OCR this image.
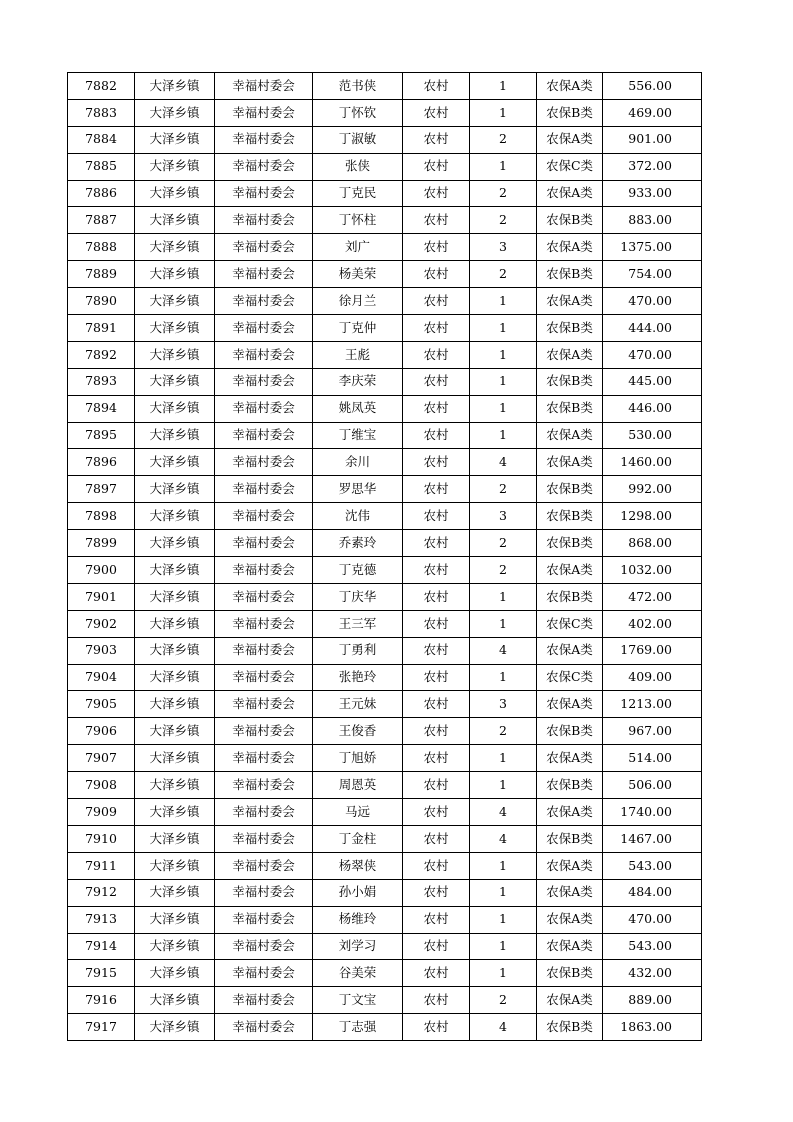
7882	大泽乡镇	幸福村委会	范书侠	农村	1	农保A类	556.00
7883	大泽乡镇	幸福村委会	丁怀钦	农村	1	农保B类	469.00
7884	大泽乡镇	幸福村委会	丁淑敏	农村	2	农保A类	901.00
7885	大泽乡镇	幸福村委会	张侠	农村	1	农保C类	372.00
7886	大泽乡镇	幸福村委会	丁克民	农村	2	农保A类	933.00
7887	大泽乡镇	幸福村委会	丁怀柱	农村	2	农保B类	883.00
7888	大泽乡镇	幸福村委会	刘广	农村	3	农保A类	1375.00
7889	大泽乡镇	幸福村委会	杨美荣	农村	2	农保B类	754.00
7890	大泽乡镇	幸福村委会	徐月兰	农村	1	农保A类	470.00
7891	大泽乡镇	幸福村委会	丁克仲	农村	1	农保B类	444.00
7892	大泽乡镇	幸福村委会	王彪	农村	1	农保A类	470.00
7893	大泽乡镇	幸福村委会	李庆荣	农村	1	农保B类	445.00
7894	大泽乡镇	幸福村委会	姚凤英	农村	1	农保B类	446.00
7895	大泽乡镇	幸福村委会	丁维宝	农村	1	农保A类	530.00
7896	大泽乡镇	幸福村委会	余川	农村	4	农保A类	1460.00
7897	大泽乡镇	幸福村委会	罗思华	农村	2	农保B类	992.00
7898	大泽乡镇	幸福村委会	沈伟	农村	3	农保B类	1298.00
7899	大泽乡镇	幸福村委会	乔素玲	农村	2	农保B类	868.00
7900	大泽乡镇	幸福村委会	丁克德	农村	2	农保A类	1032.00
7901	大泽乡镇	幸福村委会	丁庆华	农村	1	农保B类	472.00
7902	大泽乡镇	幸福村委会	王三军	农村	1	农保C类	402.00
7903	大泽乡镇	幸福村委会	丁勇利	农村	4	农保A类	1769.00
7904	大泽乡镇	幸福村委会	张艳玲	农村	1	农保C类	409.00
7905	大泽乡镇	幸福村委会	王元妹	农村	3	农保A类	1213.00
7906	大泽乡镇	幸福村委会	王俊香	农村	2	农保B类	967.00
7907	大泽乡镇	幸福村委会	丁旭娇	农村	1	农保A类	514.00
7908	大泽乡镇	幸福村委会	周恩英	农村	1	农保B类	506.00
7909	大泽乡镇	幸福村委会	马远	农村	4	农保A类	1740.00
7910	大泽乡镇	幸福村委会	丁金柱	农村	4	农保B类	1467.00
7911	大泽乡镇	幸福村委会	杨翠侠	农村	1	农保A类	543.00
7912	大泽乡镇	幸福村委会	孙小娟	农村	1	农保A类	484.00
7913	大泽乡镇	幸福村委会	杨维玲	农村	1	农保A类	470.00
7914	大泽乡镇	幸福村委会	刘学习	农村	1	农保A类	543.00
7915	大泽乡镇	幸福村委会	谷美荣	农村	1	农保B类	432.00
7916	大泽乡镇	幸福村委会	丁文宝	农村	2	农保A类	889.00
7917	大泽乡镇	幸福村委会	丁志强	农村	4	农保B类	1863.00
